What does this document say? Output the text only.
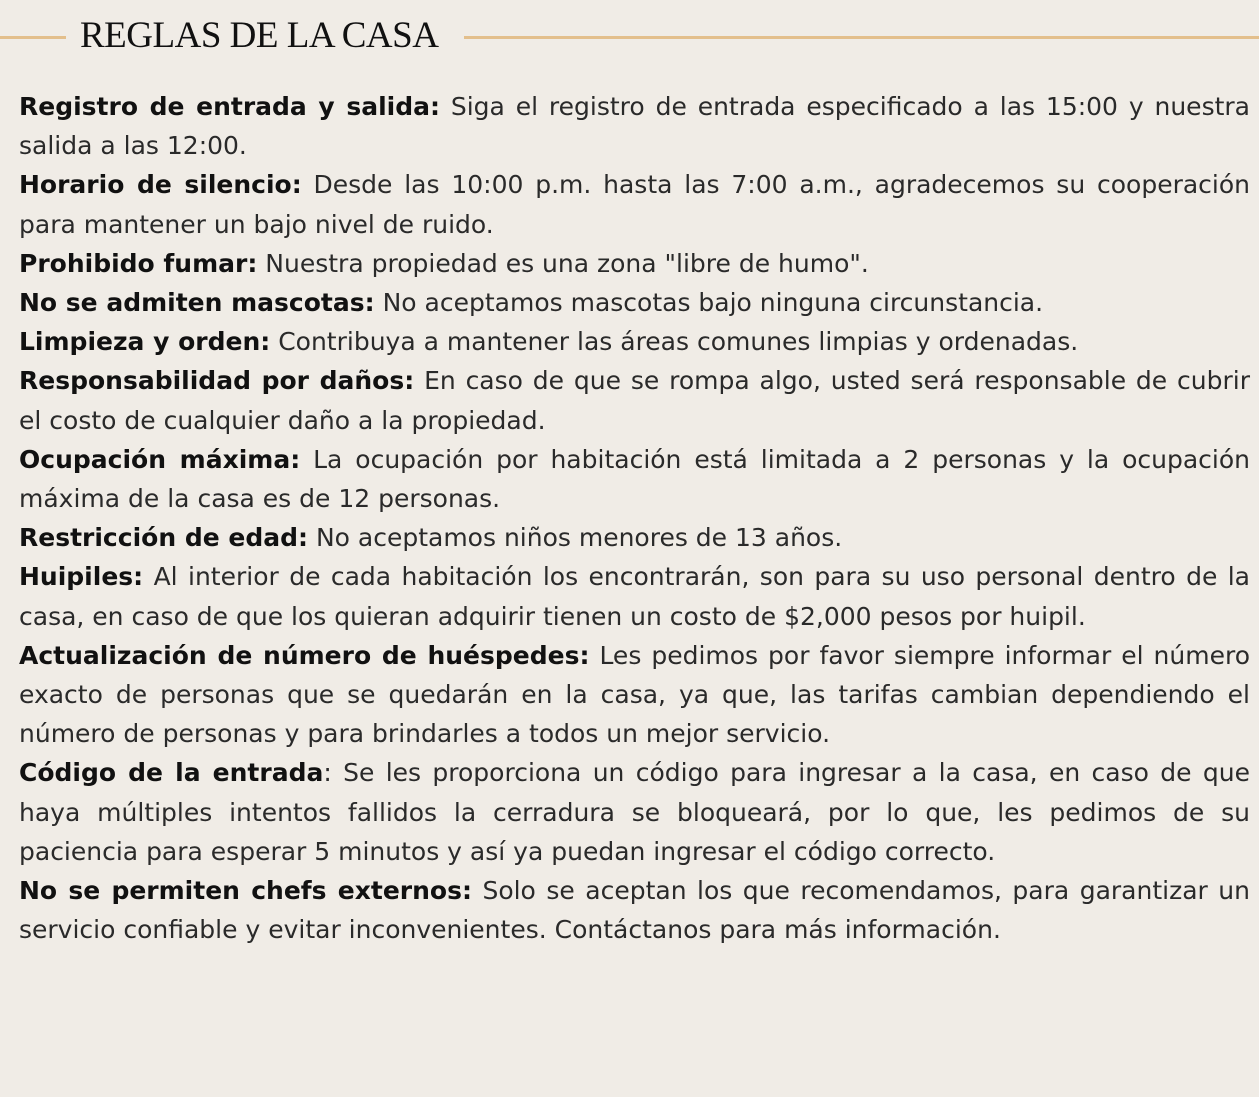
REGLAS DE LA CASA

Registro de entrada y salida: Siga el registro de entrada especificado a las 15:00 y nuestra salida a las 12:00.

Horario de silencio: Desde las 10:00 p.m. hasta las 7:00 a.m., agradecemos su cooperación para mantener un bajo nivel de ruido.

Prohibido fumar: Nuestra propiedad es una zona "libre de humo".

No se admiten mascotas: No aceptamos mascotas bajo ninguna circunstancia.

Limpieza y orden: Contribuya a mantener las áreas comunes limpias y ordenadas.

Responsabilidad por daños: En caso de que se rompa algo, usted será responsable de cubrir el costo de cualquier daño a la propiedad.

Ocupación máxima: La ocupación por habitación está limitada a 2 personas y la ocupación máxima de la casa es de 12 personas.

Restricción de edad: No aceptamos niños menores de 13 años.

Huipiles: Al interior de cada habitación los encontrarán, son para su uso personal dentro de la casa, en caso de que los quieran adquirir tienen un costo de $2,000 pesos por huipil.

Actualización de número de huéspedes: Les pedimos por favor siempre informar el número exacto de personas que se quedarán en la casa, ya que, las tarifas cambian dependiendo el número de personas y para brindarles a todos un mejor servicio.

Código de la entrada: Se les proporciona un código para ingresar a la casa, en caso de que haya múltiples intentos fallidos la cerradura se bloqueará, por lo que, les pedimos de su paciencia para esperar 5 minutos y así ya puedan ingresar el código correcto.

No se permiten chefs externos: Solo se aceptan los que recomendamos, para garantizar un servicio confiable y evitar inconvenientes. Contáctanos para más información.
